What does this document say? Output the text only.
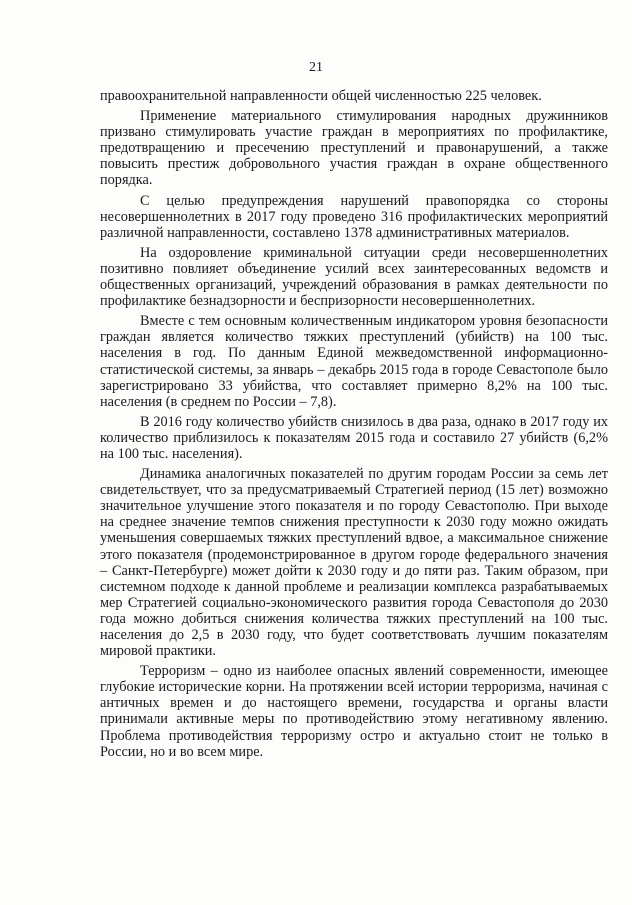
21

правоохранительной направленности общей численностью 225 человек.

Применение материального стимулирования народных дружинников призвано стимулировать участие граждан в мероприятиях по профилактике, предотвращению и пресечению преступлений и правонарушений, а также повысить престиж добровольного участия граждан в охране общественного порядка.

С целью предупреждения нарушений правопорядка со стороны несовершеннолетних в 2017 году проведено 316 профилактических мероприятий различной направленности, составлено 1378 административных материалов.

На оздоровление криминальной ситуации среди несовершеннолетних позитивно повлияет объединение усилий всех заинтересованных ведомств и общественных организаций, учреждений образования в рамках деятельности по профилактике безнадзорности и беспризорности несовершеннолетних.

Вместе с тем основным количественным индикатором уровня безопасности граждан является количество тяжких преступлений (убийств) на 100 тыс. населения в год. По данным Единой межведомственной информационно-статистической системы, за январь – декабрь 2015 года в городе Севастополе было зарегистрировано 33 убийства, что составляет примерно 8,2% на 100 тыс. населения (в среднем по России – 7,8).

В 2016 году количество убийств снизилось в два раза, однако в 2017 году их количество приблизилось к показателям 2015 года и составило 27 убийств (6,2% на 100 тыс. населения).

Динамика аналогичных показателей по другим городам России за семь лет свидетельствует, что за предусматриваемый Стратегией период (15 лет) возможно значительное улучшение этого показателя и по городу Севастополю. При выходе на среднее значение темпов снижения преступности к 2030 году можно ожидать уменьшения совершаемых тяжких преступлений вдвое, а максимальное снижение этого показателя (продемонстрированное в другом городе федерального значения – Санкт-Петербурге) может дойти к 2030 году и до пяти раз. Таким образом, при системном подходе к данной проблеме и реализации комплекса разрабатываемых мер Стратегией социально-экономического развития города Севастополя до 2030 года можно добиться снижения количества тяжких преступлений на 100 тыс. населения до 2,5 в 2030 году, что будет соответствовать лучшим показателям мировой практики.

Терроризм – одно из наиболее опасных явлений современности, имеющее глубокие исторические корни. На протяжении всей истории терроризма, начиная с античных времен и до настоящего времени, государства и органы власти принимали активные меры по противодействию этому негативному явлению. Проблема противодействия терроризму остро и актуально стоит не только в России, но и во всем мире.
